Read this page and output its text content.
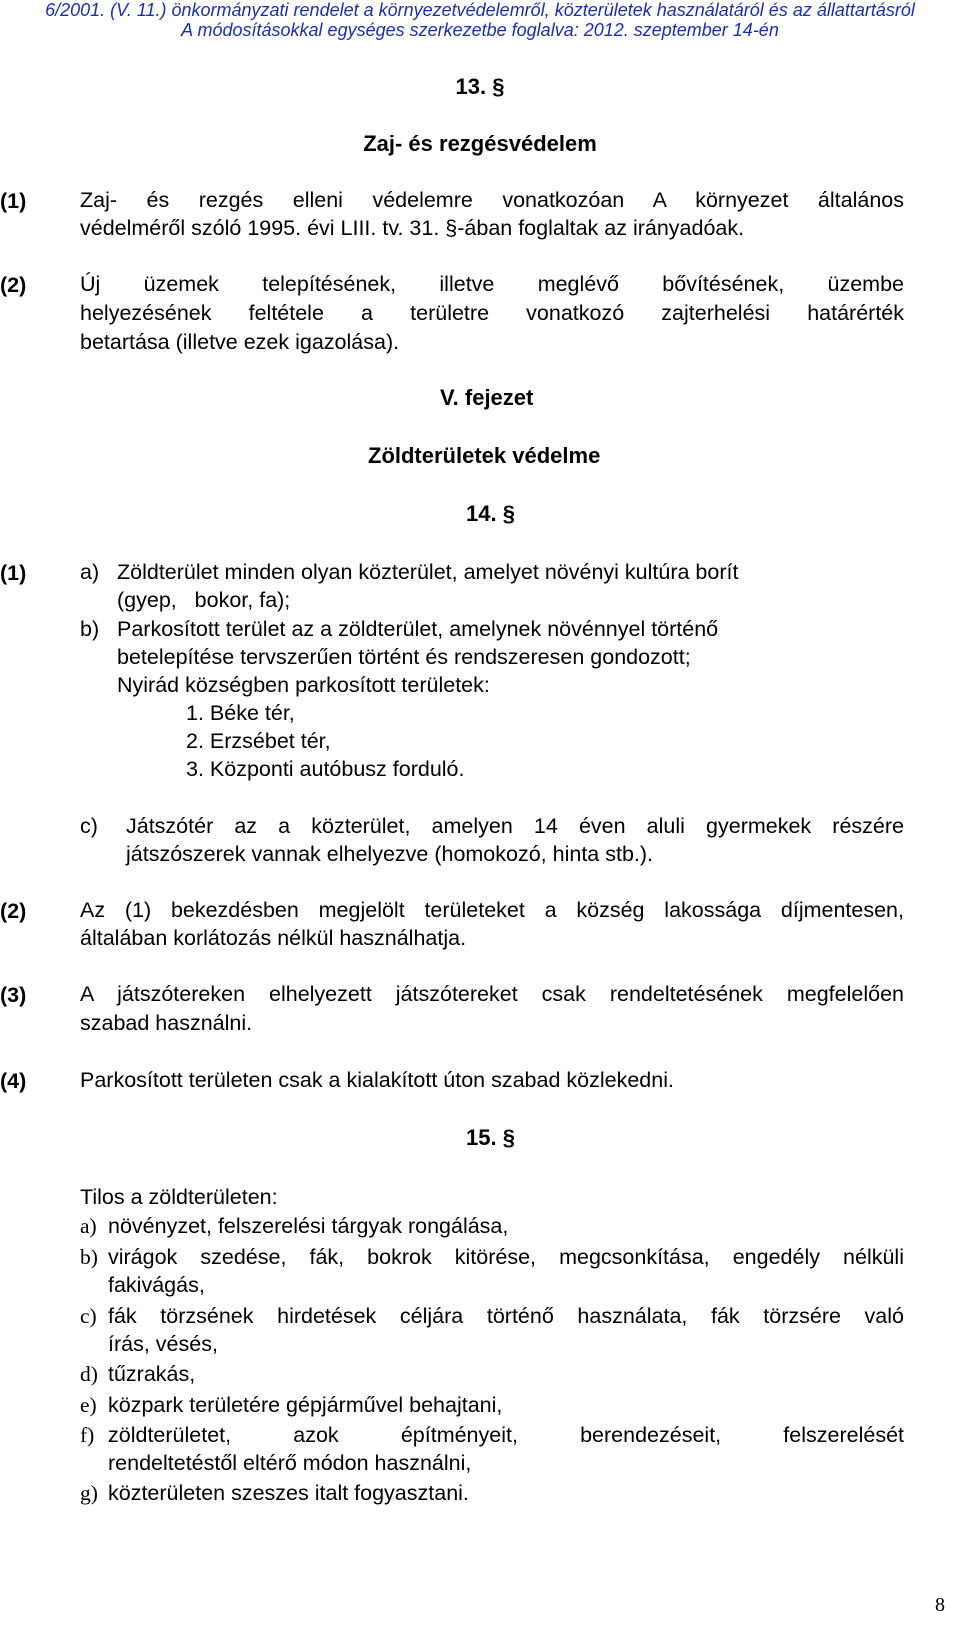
6/2001. (V. 11.) önkormányzati rendelet a környezetvédelemről, közterületek használatáról és az állattartásról
A módosításokkal egységes szerkezetbe foglalva: 2012. szeptember 14-én
13. §
Zaj- és rezgésvédelem
(1) Zaj- és rezgés elleni védelemre vonatkozóan A környezet általános
védelméről szóló 1995. évi LIII. tv. 31. §-ában foglaltak az irányadóak.
(2) Új üzemek telepítésének, illetve meglévő bővítésének, üzembe
helyezésének feltétele a területre vonatkozó zajterhelési határérték
betartása (illetve ezek igazolása).
V. fejezet
Zöldterületek védelme
14. §
(1) a) Zöldterület minden olyan közterület, amelyet növényi kultúra borít
(gyep,   bokor, fa);
b) Parkosított terület az a zöldterület, amelynek növénnyel történő
betelepítése tervszerűen történt és rendszeresen gondozott;
Nyirád községben parkosított területek:
1. Béke tér,
2. Erzsébet tér,
3. Központi autóbusz forduló.
c) Játszótér az a közterület, amelyen 14 éven aluli gyermekek részére
játszószerek vannak elhelyezve (homokozó, hinta stb.).
(2) Az (1) bekezdésben megjelölt területeket a község lakossága díjmentesen,
általában korlátozás nélkül használhatja.
(3) A játszótereken elhelyezett játszótereket csak rendeltetésének megfelelően
szabad használni.
(4) Parkosított területen csak a kialakított úton szabad közlekedni.
15. §
Tilos a zöldterületen:
a) növényzet, felszerelési tárgyak rongálása,
b) virágok szedése, fák, bokrok kitörése, megcsonkítása, engedély nélküli
fakivágás,
c) fák törzsének hirdetések céljára történő használata, fák törzsére való
írás, vésés,
d) tűzrakás,
e) közpark területére gépjárművel behajtani,
f) zöldterületet, azok építményeit, berendezéseit, felszerelését
rendeltetéstől eltérő módon használni,
g) közterületen szeszes italt fogyasztani.
8
